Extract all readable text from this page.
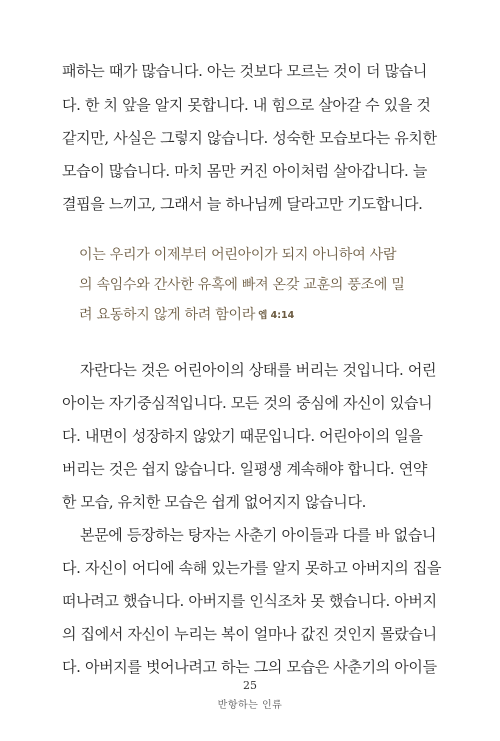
패하는 때가 많습니다. 아는 것보다 모르는 것이 더 많습니
다. 한 치 앞을 알지 못합니다. 내 힘으로 살아갈 수 있을 것
같지만, 사실은 그렇지 않습니다. 성숙한 모습보다는 유치한
모습이 많습니다. 마치 몸만 커진 아이처럼 살아갑니다. 늘
결핍을 느끼고, 그래서 늘 하나님께 달라고만 기도합니다.
이는 우리가 이제부터 어린아이가 되지 아니하여 사람
의 속임수와 간사한 유혹에 빠져 온갖 교훈의 풍조에 밀
려 요동하지 않게 하려 함이라 엡 4:14
자란다는 것은 어린아이의 상태를 버리는 것입니다. 어린
아이는 자기중심적입니다. 모든 것의 중심에 자신이 있습니
다. 내면이 성장하지 않았기 때문입니다. 어린아이의 일을
버리는 것은 쉽지 않습니다. 일평생 계속해야 합니다. 연약
한 모습, 유치한 모습은 쉽게 없어지지 않습니다.
본문에 등장하는 탕자는 사춘기 아이들과 다를 바 없습니
다. 자신이 어디에 속해 있는가를 알지 못하고 아버지의 집을
떠나려고 했습니다. 아버지를 인식조차 못 했습니다. 아버지
의 집에서 자신이 누리는 복이 얼마나 값진 것인지 몰랐습니
다. 아버지를 벗어나려고 하는 그의 모습은 사춘기의 아이들
25
반항하는 인류
